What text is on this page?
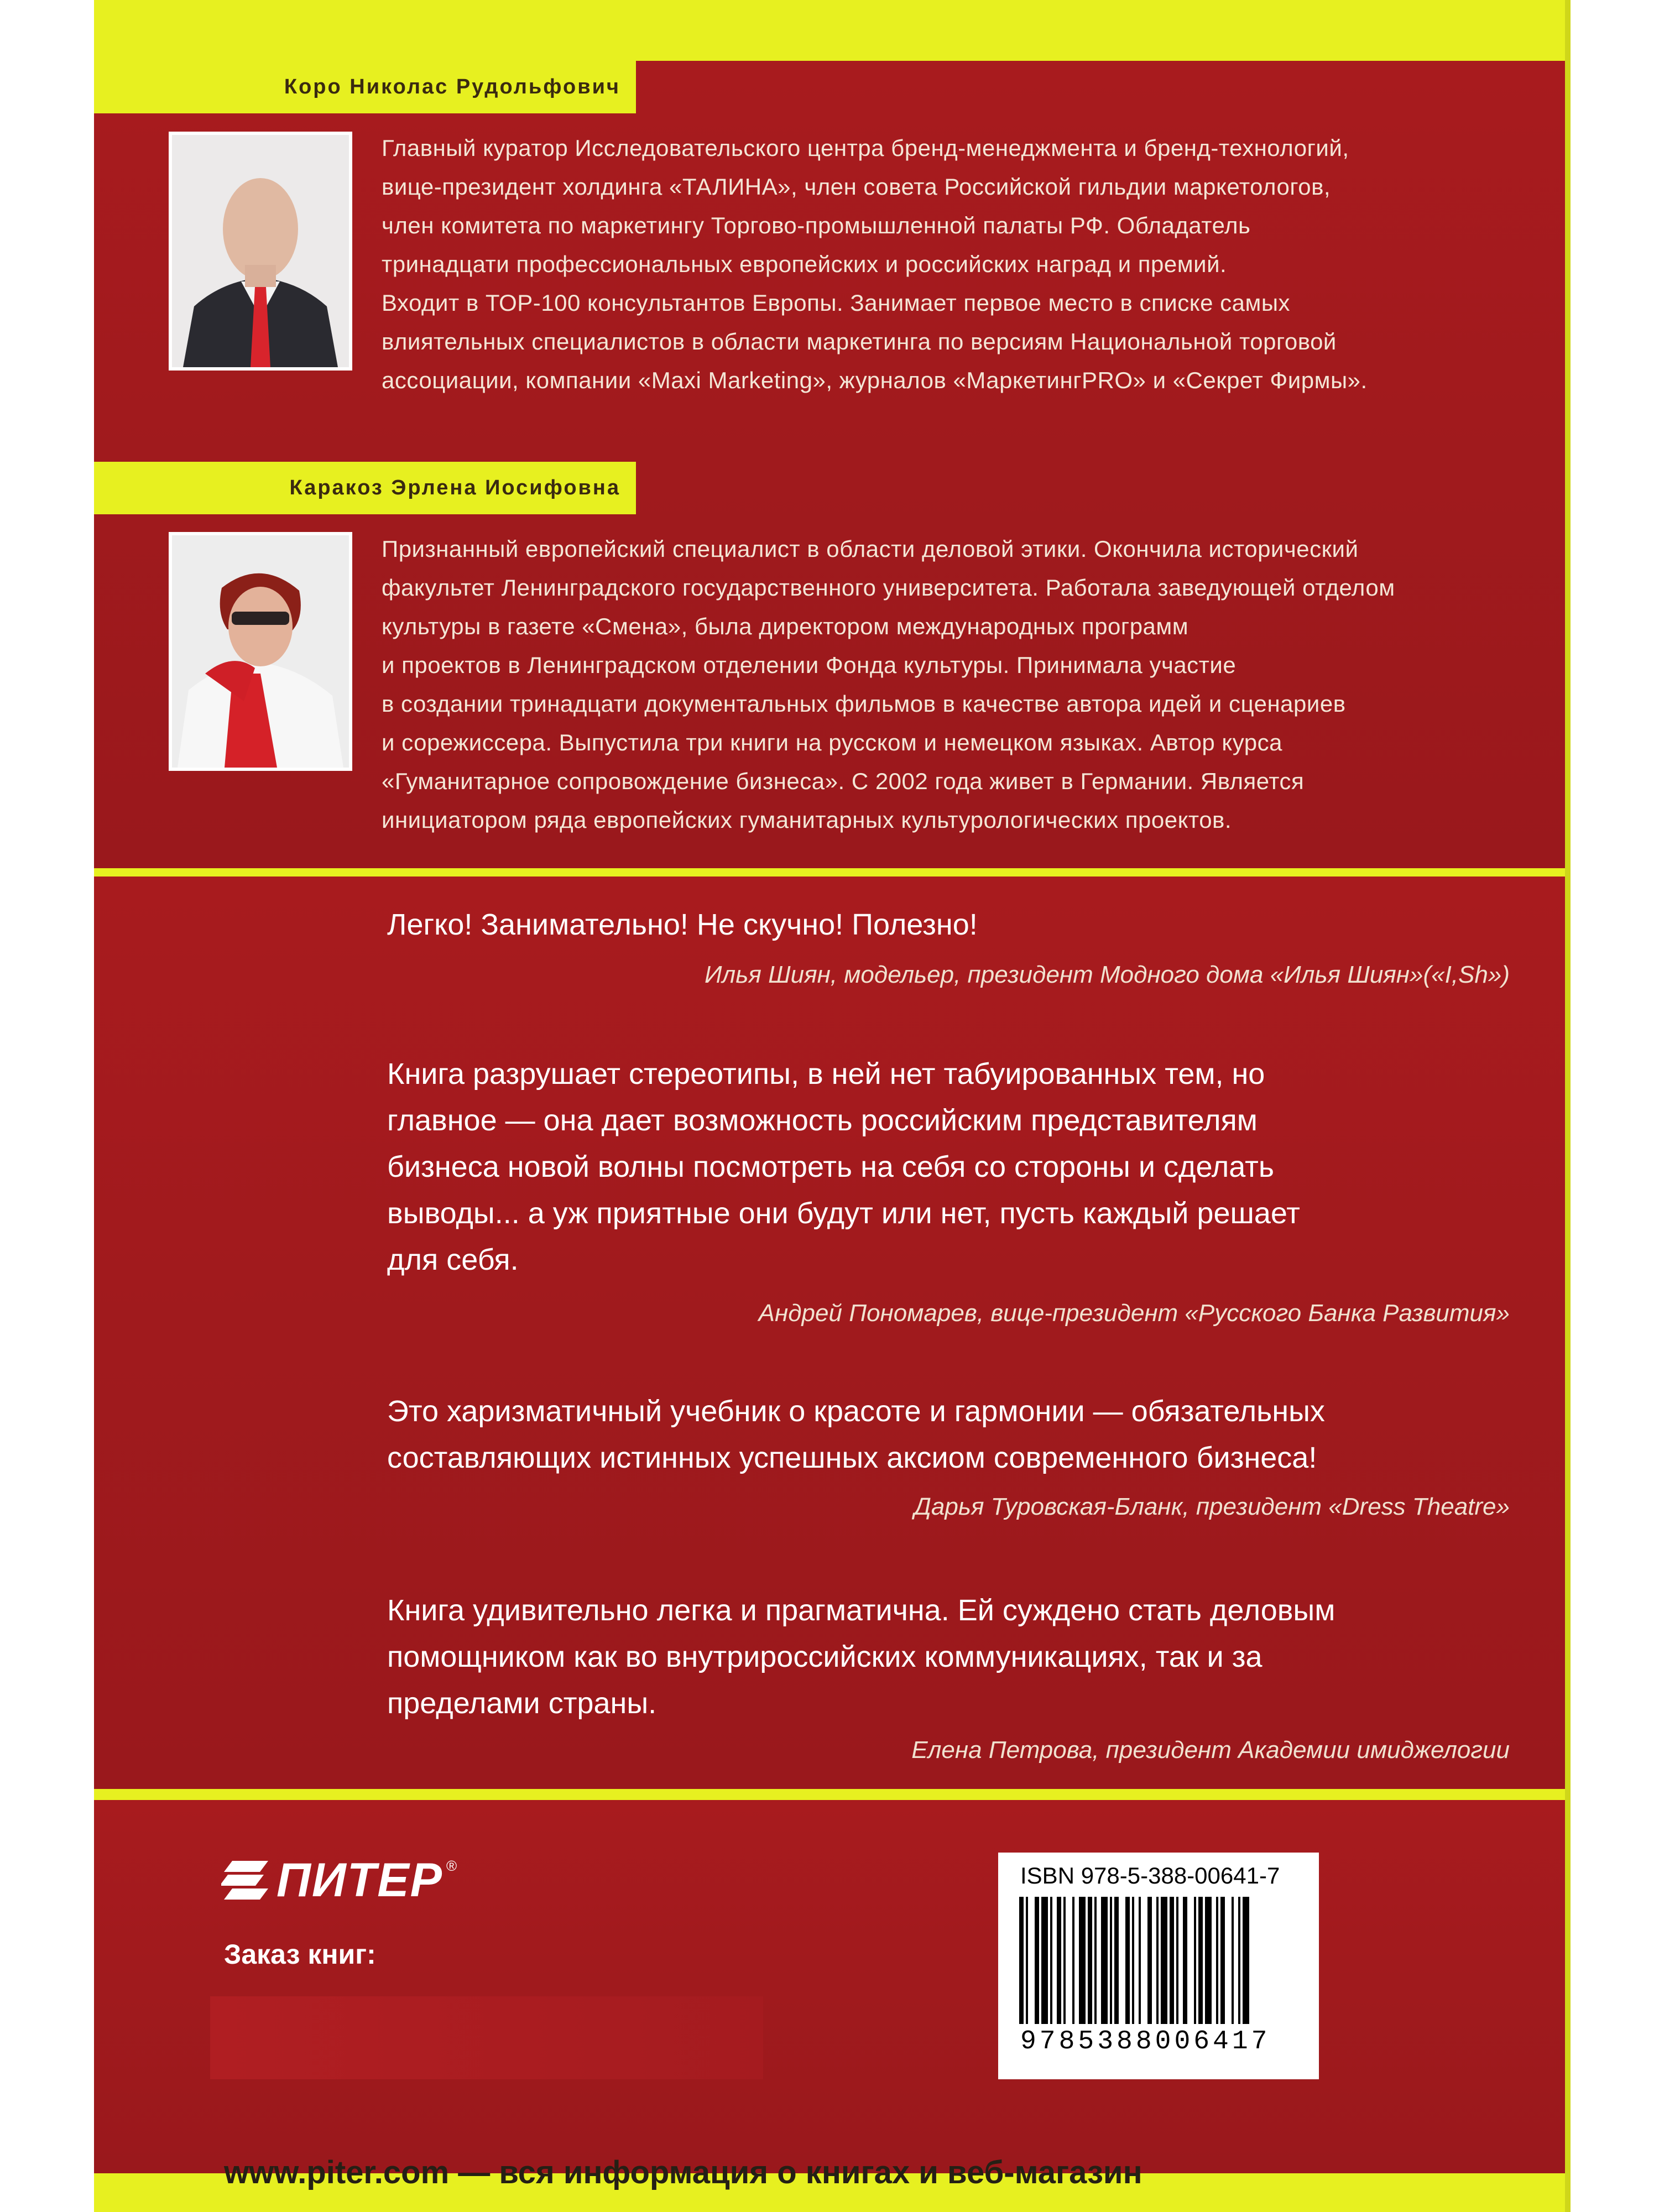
Коро Николас Рудольфович
Главный куратор Исследовательского центра бренд-менеджмента и бренд-технологий,
вице-президент холдинга «ТАЛИНА», член совета Российской гильдии маркетологов,
член комитета по маркетингу Торгово-промышленной палаты РФ. Обладатель
тринадцати профессиональных европейских и российских наград и премий.
Входит в ТОР-100 консультантов Европы. Занимает первое место в списке самых
влиятельных специалистов в области маркетинга по версиям Национальной торговой
ассоциации, компании «Maxi Marketing», журналов «МаркетингPRO» и «Секрет Фирмы».
Каракоз Эрлена Иосифовна
Признанный европейский специалист в области деловой этики. Окончила исторический
факультет Ленинградского государственного университета. Работала заведующей отделом
культуры в газете «Смена», была директором международных программ
и проектов в Ленинградском отделении Фонда культуры. Принимала участие
в создании тринадцати документальных фильмов в качестве автора идей и сценариев
и сорежиссера. Выпустила три книги на русском и немецком языках. Автор курса
«Гуманитарное сопровождение бизнеса». С 2002 года живет в Германии. Является
инициатором ряда европейских гуманитарных культурологических проектов.
Легко! Занимательно! Не скучно! Полезно!
Илья Шиян, модельер, президент Модного дома «Илья Шиян»(«I,Sh»)
Книга разрушает стереотипы, в ней нет табуированных тем, но
главное — она дает возможность российским представителям
бизнеса новой волны посмотреть на себя со стороны и сделать
выводы... а уж приятные они будут или нет, пусть каждый решает
для себя.
Андрей Пономарев, вице-президент «Русского Банка Развития»
Это харизматичный учебник о красоте и гармонии — обязательных
составляющих истинных успешных аксиом современного бизнеса!
Дарья Туровская-Бланк, президент «Dress Theatre»
Книга удивительно легка и прагматична. Ей суждено стать деловым
помощником как во внутрироссийских коммуникациях, так и за
пределами страны.
Елена Петрова, президент Академии имиджелогии
ПИТЕР ®
Заказ книг:
ISBN 978-5-388-00641-7
9785388006417
www.piter.com — вся информация о книгах и веб-магазин
